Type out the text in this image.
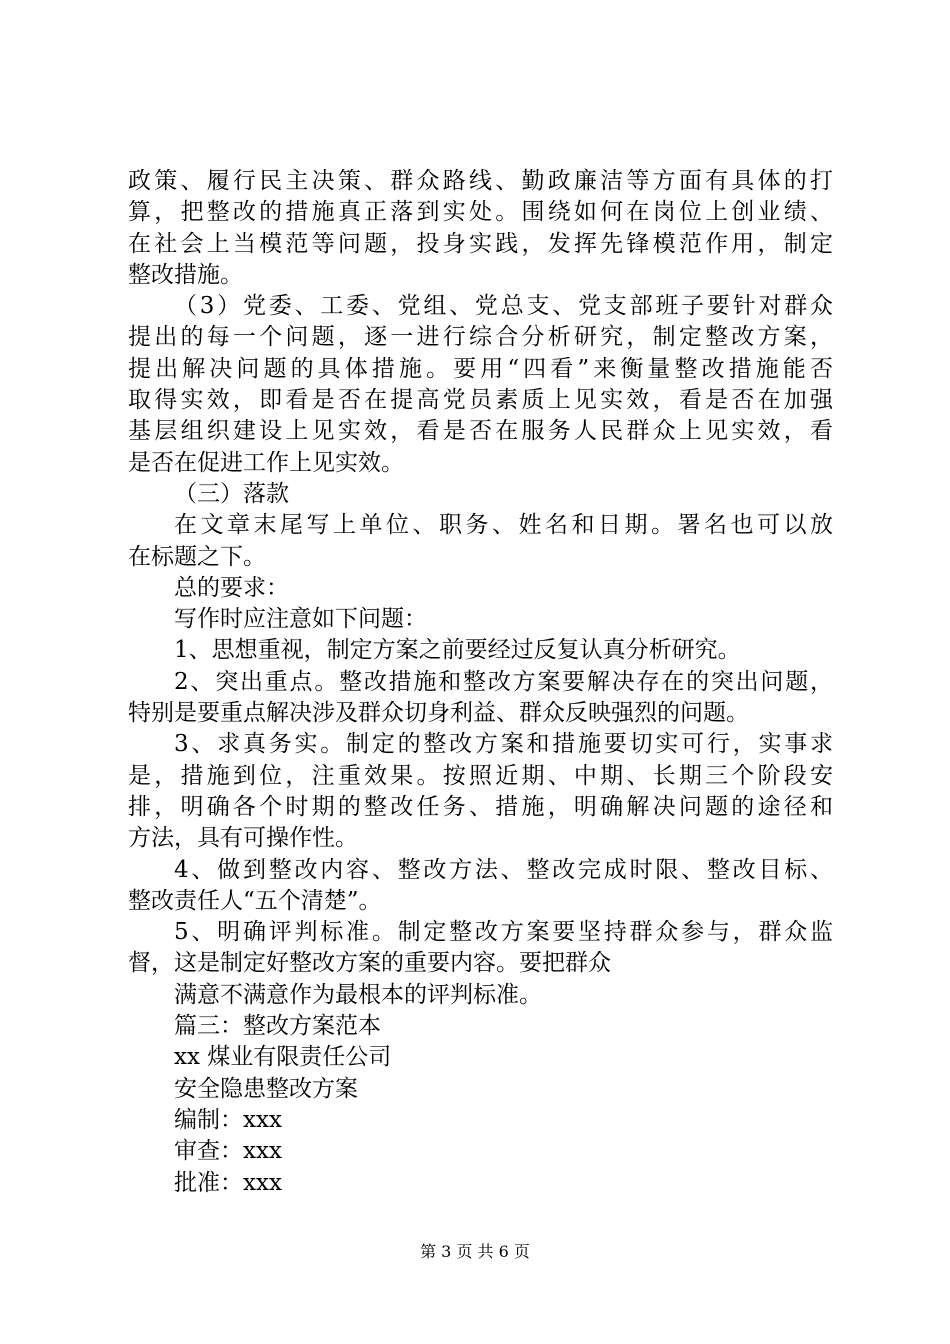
政策、履行民主决策、群众路线、勤政廉洁等方面有具体的打
算，把整改的措施真正落到实处。围绕如何在岗位上创业绩、
在社会上当模范等问题，投身实践，发挥先锋模范作用，制定
整改措施。
（3）党委、工委、党组、党总支、党支部班子要针对群众
提出的每一个问题，逐一进行综合分析研究，制定整改方案，
提出解决问题的具体措施。要用“四看”来衡量整改措施能否
取得实效，即看是否在提高党员素质上见实效，看是否在加强
基层组织建设上见实效，看是否在服务人民群众上见实效，看
是否在促进工作上见实效。
（三）落款
在文章末尾写上单位、职务、姓名和日期。署名也可以放
在标题之下。
总的要求：
写作时应注意如下问题：
1、思想重视，制定方案之前要经过反复认真分析研究。
2、突出重点。整改措施和整改方案要解决存在的突出问题，
特别是要重点解决涉及群众切身利益、群众反映强烈的问题。
3、求真务实。制定的整改方案和措施要切实可行，实事求
是，措施到位，注重效果。按照近期、中期、长期三个阶段安
排，明确各个时期的整改任务、措施，明确解决问题的途径和
方法，具有可操作性。
4、做到整改内容、整改方法、整改完成时限、整改目标、
整改责任人“五个清楚”。
5、明确评判标准。制定整改方案要坚持群众参与，群众监
督，这是制定好整改方案的重要内容。要把群众
满意不满意作为最根本的评判标准。
篇三：整改方案范本
xx 煤业有限责任公司
安全隐患整改方案
编制：xxx
审查：xxx
批准：xxx
第 3 页 共 6 页
